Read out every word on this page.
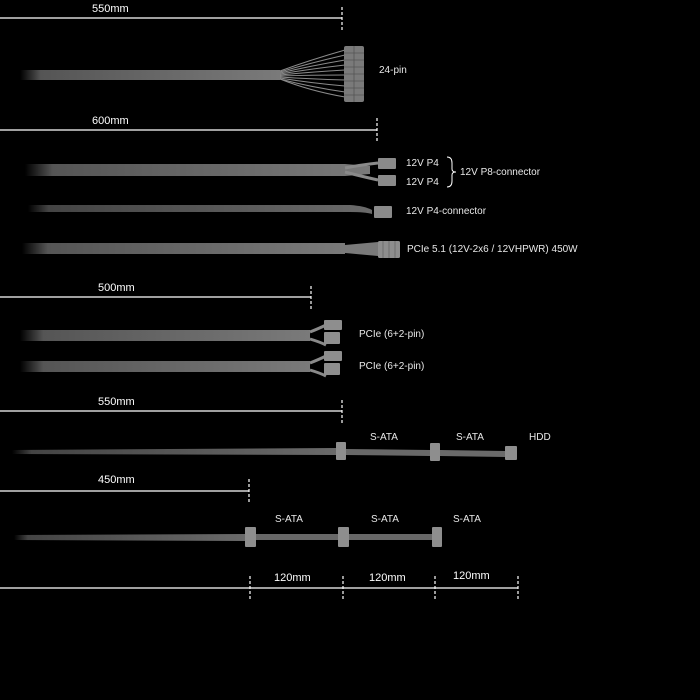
550mm
600mm
500mm
550mm
450mm
120mm	120mm	120mm
24-pin
12V P4
12V P4
12V P8-connector
12V P4-connector
PCIe 5.1 (12V-2x6 / 12VHPWR) 450W
PCIe (6+2-pin)
PCIe (6+2-pin)
S-ATA	S-ATA	HDD
S-ATA	S-ATA	S-ATA
